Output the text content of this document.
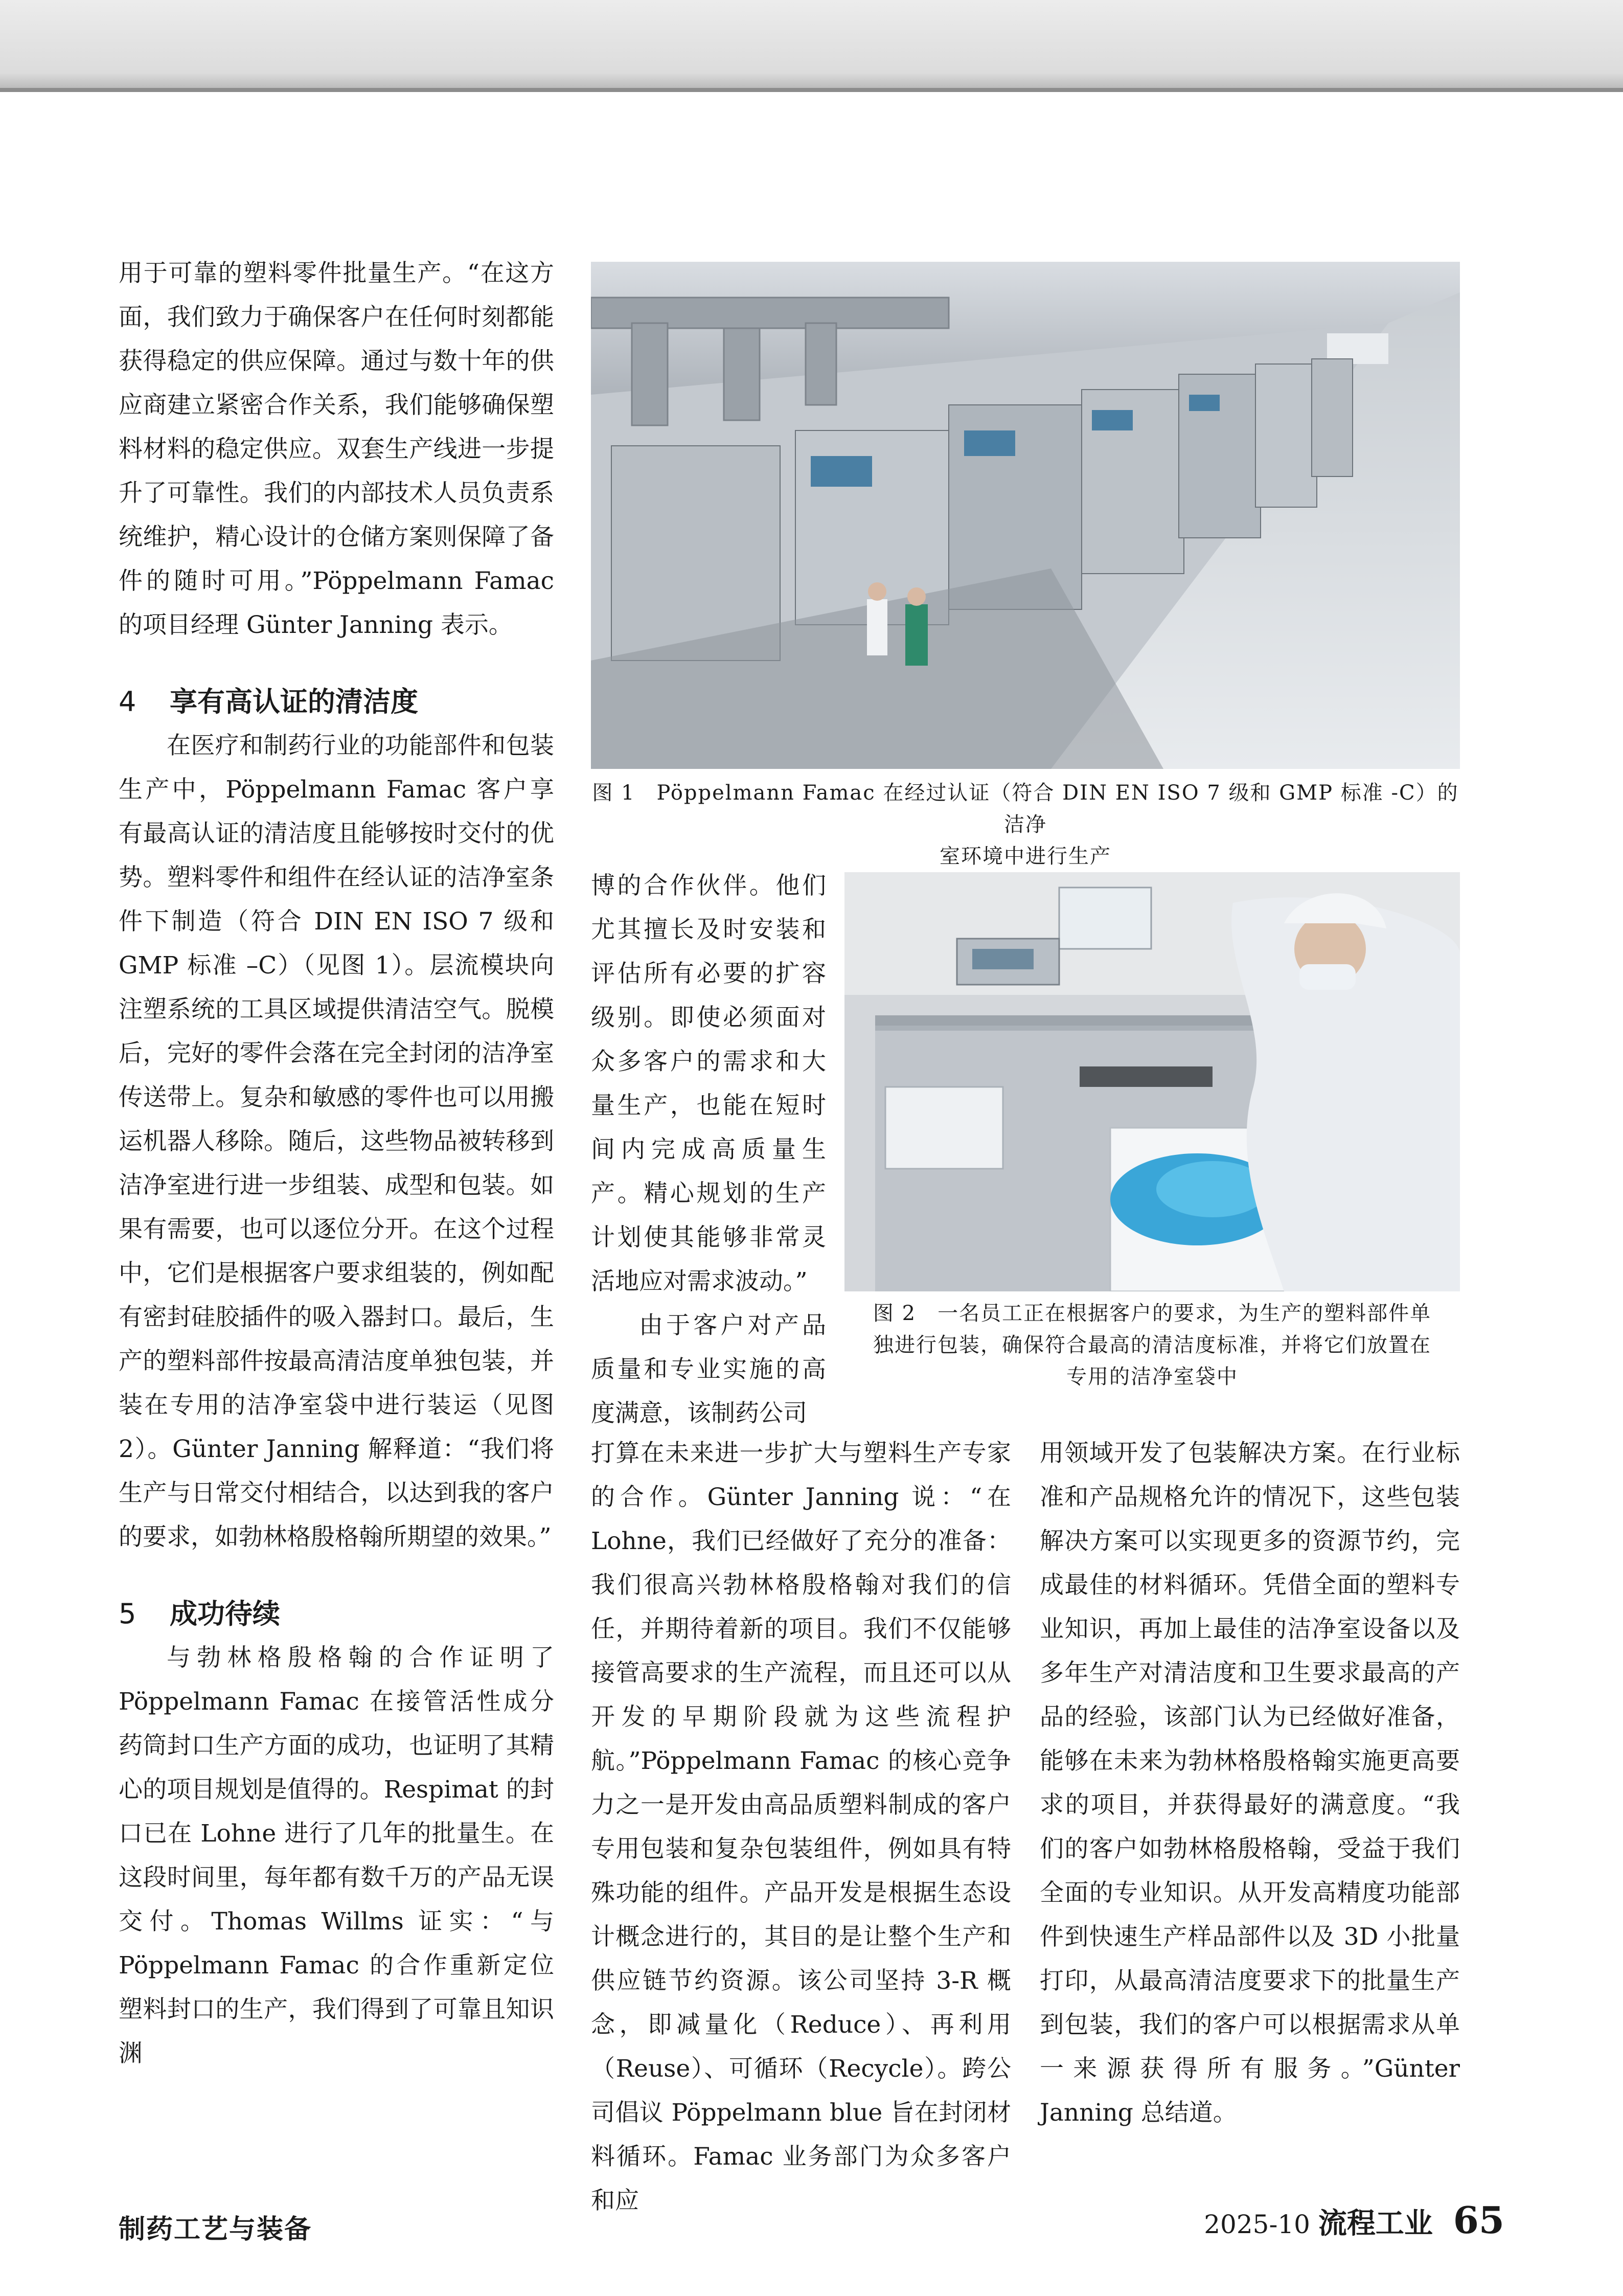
用于可靠的塑料零件批量生产。“在这方面，我们致力于确保客户在任何时刻都能获得稳定的供应保障。通过与数十年的供应商建立紧密合作关系，我们能够确保塑料材料的稳定供应。双套生产线进一步提升了可靠性。我们的内部技术人员负责系统维护，精心设计的仓储方案则保障了备件的随时可用。”Pöppelmann Famac 的项目经理 Günter Janning 表示。

4 享有高认证的清洁度

在医疗和制药行业的功能部件和包装生产中，Pöppelmann Famac 客户享有最高认证的清洁度且能够按时交付的优势。塑料零件和组件在经认证的洁净室条件下制造（符合 DIN EN ISO 7 级和 GMP 标准 –C）（见图 1）。层流模块向注塑系统的工具区域提供清洁空气。脱模后，完好的零件会落在完全封闭的洁净室传送带上。复杂和敏感的零件也可以用搬运机器人移除。随后，这些物品被转移到洁净室进行进一步组装、成型和包装。如果有需要，也可以逐位分开。在这个过程中，它们是根据客户要求组装的，例如配有密封硅胶插件的吸入器封口。最后，生产的塑料部件按最高清洁度单独包装，并装在专用的洁净室袋中进行装运（见图 2）。Günter Janning 解释道：“我们将生产与日常交付相结合，以达到我的客户的要求，如勃林格殷格翰所期望的效果。”

5 成功待续

与勃林格殷格翰的合作证明了 Pöppelmann Famac 在接管活性成分药筒封口生产方面的成功，也证明了其精心的项目规划是值得的。Respimat 的封口已在 Lohne 进行了几年的批量生。在这段时间里，每年都有数千万的产品无误交付。Thomas Willms 证实：“与 Pöppelmann Famac 的合作重新定位塑料封口的生产，我们得到了可靠且知识渊

图 1　Pöppelmann Famac 在经过认证（符合 DIN EN ISO 7 级和 GMP 标准 -C）的洁净
室环境中进行生产

博的合作伙伴。他们尤其擅长及时安装和评估所有必要的扩容级别。即使必须面对众多客户的需求和大量生产，也能在短时间内完成高质量生产。精心规划的生产计划使其能够非常灵活地应对需求波动。”

由于客户对产品质量和专业实施的高度满意，该制药公司

图 2　一名员工正在根据客户的要求，为生产的塑料部件单
独进行包装，确保符合最高的清洁度标准，并将它们放置在
专用的洁净室袋中

打算在未来进一步扩大与塑料生产专家的合作。Günter Janning 说：“在 Lohne，我们已经做好了充分的准备：我们很高兴勃林格殷格翰对我们的信任，并期待着新的项目。我们不仅能够接管高要求的生产流程，而且还可以从开发的早期阶段就为这些流程护航。”Pöppelmann Famac 的核心竞争力之一是开发由高品质塑料制成的客户专用包装和复杂包装组件，例如具有特殊功能的组件。产品开发是根据生态设计概念进行的，其目的是让整个生产和供应链节约资源。该公司坚持 3-R 概念，即减量化（Reduce）、再利用（Reuse）、可循环（Recycle）。跨公司倡议 Pöppelmann blue 旨在封闭材料循环。Famac 业务部门为众多客户和应

用领域开发了包装解决方案。在行业标准和产品规格允许的情况下，这些包装解决方案可以实现更多的资源节约，完成最佳的材料循环。凭借全面的塑料专业知识，再加上最佳的洁净室设备以及多年生产对清洁度和卫生要求最高的产品的经验，该部门认为已经做好准备，能够在未来为勃林格殷格翰实施更高要求的项目，并获得最好的满意度。“我们的客户如勃林格殷格翰，受益于我们全面的专业知识。从开发高精度功能部件到快速生产样品部件以及 3D 小批量打印，从最高清洁度要求下的批量生产到包装，我们的客户可以根据需求从单一来源获得所有服务。”Günter Janning 总结道。

制药工艺与装备	2025-10 流程工业 65
